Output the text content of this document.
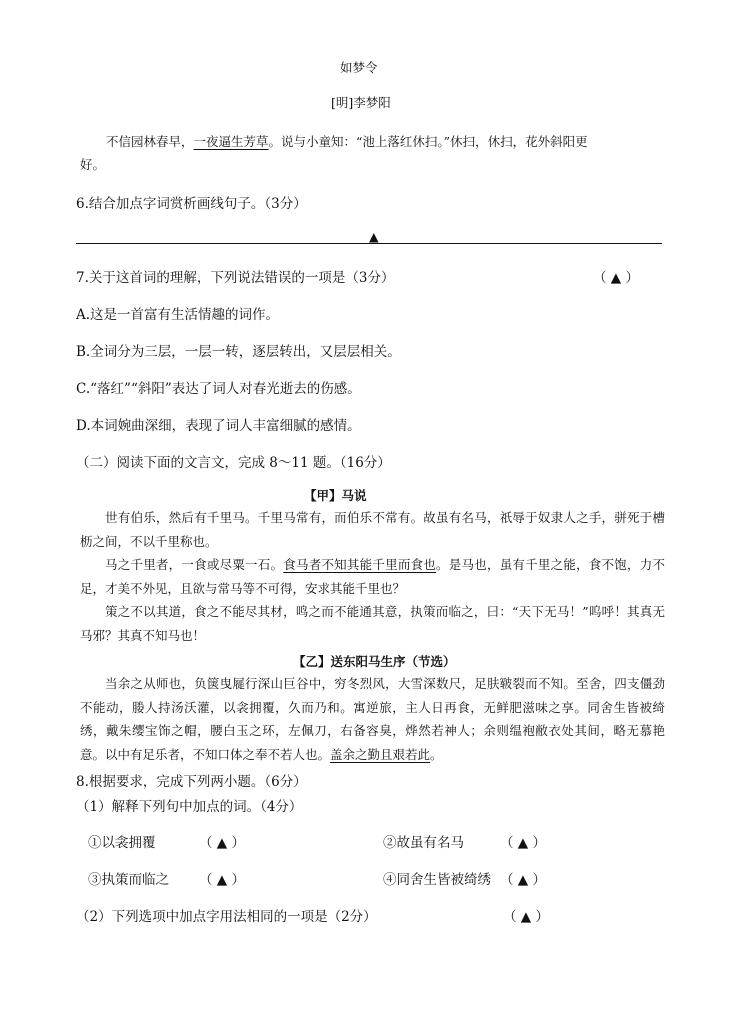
如梦令
[明]李梦阳
不信园林春早，一夜逼生芳草。说与小童知：“池上落红休扫。”休扫，休扫，花外斜阳更
好。
6.结合加点字词赏析画线句子。（3分）
▲
7.关于这首词的理解，下列说法错误的一项是（3分）	（ ▲ ）
A.这是一首富有生活情趣的词作。
B.全词分为三层，一层一转，逐层转出，又层层相关。
C.“落红”“斜阳”表达了词人对春光逝去的伤感。
D.本词婉曲深细，表现了词人丰富细腻的感情。
（二）阅读下面的文言文，完成 8～11 题。（16分）
【甲】马说

世有伯乐，然后有千里马。千里马常有，而伯乐不常有。故虽有名马，祇辱于奴隶人之手，骈死于槽枥之间，不以千里称也。

马之千里者，一食或尽粟一石。食马者不知其能千里而食也。是马也，虽有千里之能，食不饱，力不足，才美不外见，且欲与常马等不可得，安求其能千里也？

策之不以其道，食之不能尽其材，鸣之而不能通其意，执策而临之，曰：“天下无马！”呜呼！其真无马邪？其真不知马也！

【乙】送东阳马生序（节选）

当余之从师也，负箧曳屣行深山巨谷中，穷冬烈风，大雪深数尺，足肤皲裂而不知。至舍，四支僵劲不能动，媵人持汤沃灌，以衾拥覆，久而乃和。寓逆旅，主人日再食，无鲜肥滋味之享。同舍生皆被绮绣，戴朱缨宝饰之帽，腰白玉之环，左佩刀，右备容臭，烨然若神人；余则缊袍敝衣处其间，略无慕艳意。以中有足乐者，不知口体之奉不若人也。盖余之勤且艰若此。

8.根据要求，完成下列两小题。（6分）
（1）解释下列句中加点的词。（4分）
①以衾拥覆	（ ▲ ）	②故虽有名马	（ ▲ ）
③执策而临之 （ ▲ ）	④同舍生皆被绮绣 （ ▲ ）
（2）下列选项中加点字用法相同的一项是（2分）	（ ▲ ）
